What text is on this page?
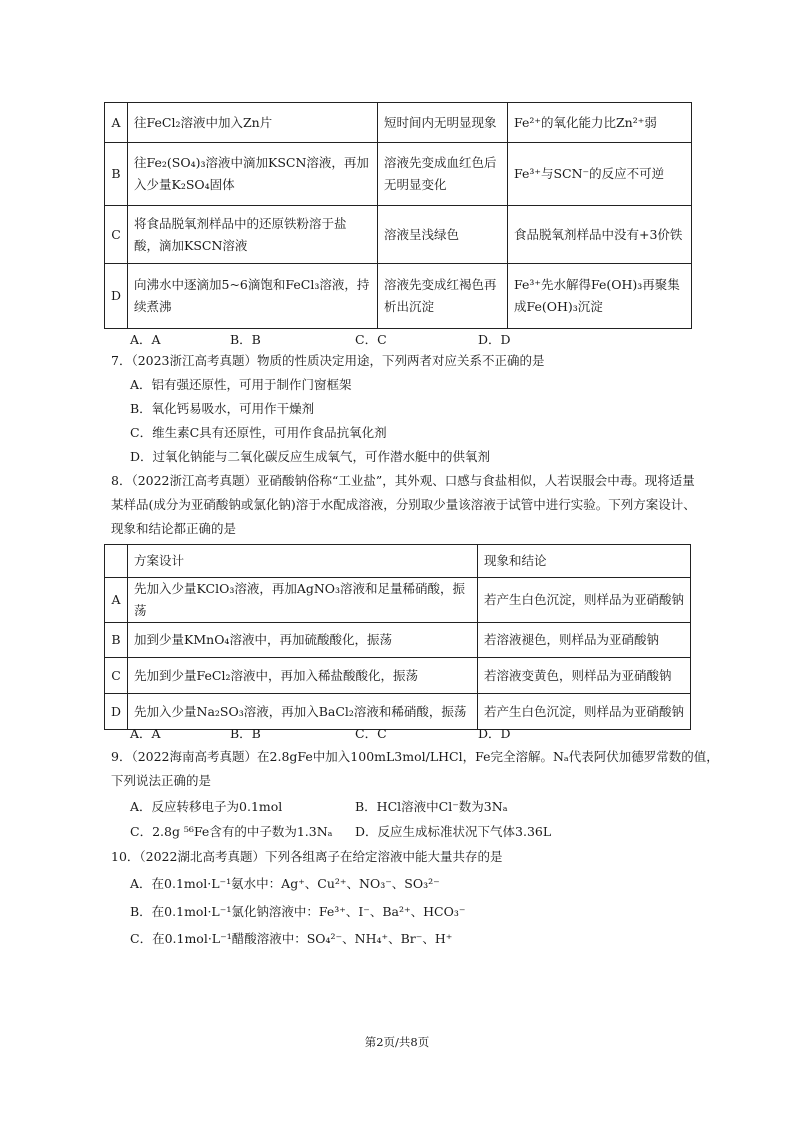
A	往FeCl₂溶液中加入Zn片	短时间内无明显现象	Fe²⁺的氧化能力比Zn²⁺弱
B	往Fe₂(SO₄)₃溶液中滴加KSCN溶液，再加入少量K₂SO₄固体	溶液先变成血红色后无明显变化	Fe³⁺与SCN⁻的反应不可逆
C	将食品脱氧剂样品中的还原铁粉溶于盐酸，滴加KSCN溶液	溶液呈浅绿色	食品脱氧剂样品中没有+3价铁
D	向沸水中逐滴加5~6滴饱和FeCl₃溶液，持续煮沸	溶液先变成红褐色再析出沉淀	Fe³⁺先水解得Fe(OH)₃再聚集成Fe(OH)₃沉淀
A．A	B．B	C．C	D．D
7．（2023浙江高考真题）物质的性质决定用途，下列两者对应关系不正确的是
A．铝有强还原性，可用于制作门窗框架
B．氧化钙易吸水，可用作干燥剂
C．维生素C具有还原性，可用作食品抗氧化剂
D．过氧化钠能与二氧化碳反应生成氧气，可作潜水艇中的供氧剂
8．（2022浙江高考真题）亚硝酸钠俗称“工业盐”，其外观、口感与食盐相似，人若误服会中毒。现将适量
某样品(成分为亚硝酸钠或氯化钠)溶于水配成溶液，分别取少量该溶液于试管中进行实验。下列方案设计、
现象和结论都正确的是
	方案设计	现象和结论
A	先加入少量KClO₃溶液，再加AgNO₃溶液和足量稀硝酸，振荡	若产生白色沉淀，则样品为亚硝酸钠
B	加到少量KMnO₄溶液中，再加硫酸酸化，振荡	若溶液褪色，则样品为亚硝酸钠
C	先加到少量FeCl₂溶液中，再加入稀盐酸酸化，振荡	若溶液变黄色，则样品为亚硝酸钠
D	先加入少量Na₂SO₃溶液，再加入BaCl₂溶液和稀硝酸，振荡	若产生白色沉淀，则样品为亚硝酸钠
A．A	B．B	C．C	D．D
9．（2022海南高考真题）在2.8gFe中加入100mL3mol/LHCl，Fe完全溶解。Nₐ代表阿伏加德罗常数的值，
下列说法正确的是
A．反应转移电子为0.1mol	B．HCl溶液中Cl⁻数为3Nₐ
C．2.8g ⁵⁶Fe含有的中子数为1.3Nₐ D．反应生成标准状况下气体3.36L
10．（2022湖北高考真题）下列各组离子在给定溶液中能大量共存的是
A．在0.1mol·L⁻¹氨水中：Ag⁺、Cu²⁺、NO₃⁻、SO₃²⁻
B．在0.1mol·L⁻¹氯化钠溶液中：Fe³⁺、I⁻、Ba²⁺、HCO₃⁻
C．在0.1mol·L⁻¹醋酸溶液中：SO₄²⁻、NH₄⁺、Br⁻、H⁺
第2页/共8页
